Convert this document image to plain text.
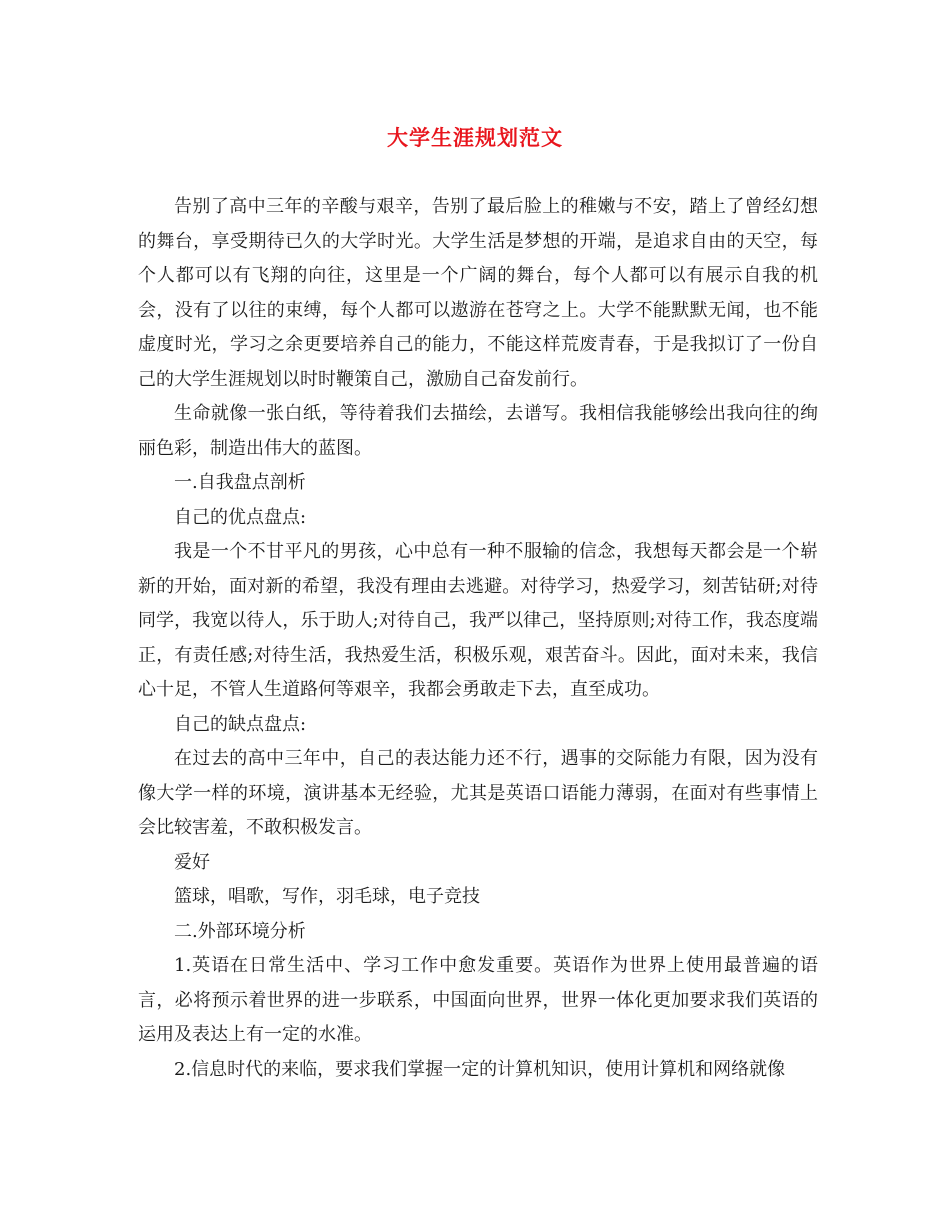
大学生涯规划范文

告别了高中三年的辛酸与艰辛，告别了最后脸上的稚嫩与不安，踏上了曾经幻想的舞台，享受期待已久的大学时光。大学生活是梦想的开端，是追求自由的天空，每个人都可以有飞翔的向往，这里是一个广阔的舞台，每个人都可以有展示自我的机会，没有了以往的束缚，每个人都可以遨游在苍穹之上。大学不能默默无闻，也不能虚度时光，学习之余更要培养自己的能力，不能这样荒废青春，于是我拟订了一份自己的大学生涯规划以时时鞭策自己，激励自己奋发前行。

生命就像一张白纸，等待着我们去描绘，去谱写。我相信我能够绘出我向往的绚丽色彩，制造出伟大的蓝图。

一.自我盘点剖析

自己的优点盘点:

我是一个不甘平凡的男孩，心中总有一种不服输的信念，我想每天都会是一个崭新的开始，面对新的希望，我没有理由去逃避。对待学习，热爱学习，刻苦钻研;对待同学，我宽以待人，乐于助人;对待自己，我严以律己，坚持原则;对待工作，我态度端正，有责任感;对待生活，我热爱生活，积极乐观，艰苦奋斗。因此，面对未来，我信心十足，不管人生道路何等艰辛，我都会勇敢走下去，直至成功。

自己的缺点盘点:

在过去的高中三年中，自己的表达能力还不行，遇事的交际能力有限，因为没有像大学一样的环境，演讲基本无经验，尤其是英语口语能力薄弱，在面对有些事情上会比较害羞，不敢积极发言。

爱好

篮球，唱歌，写作，羽毛球，电子竞技

二.外部环境分析

1.英语在日常生活中、学习工作中愈发重要。英语作为世界上使用最普遍的语言，必将预示着世界的进一步联系，中国面向世界，世界一体化更加要求我们英语的运用及表达上有一定的水准。

2.信息时代的来临，要求我们掌握一定的计算机知识，使用计算机和网络就像
